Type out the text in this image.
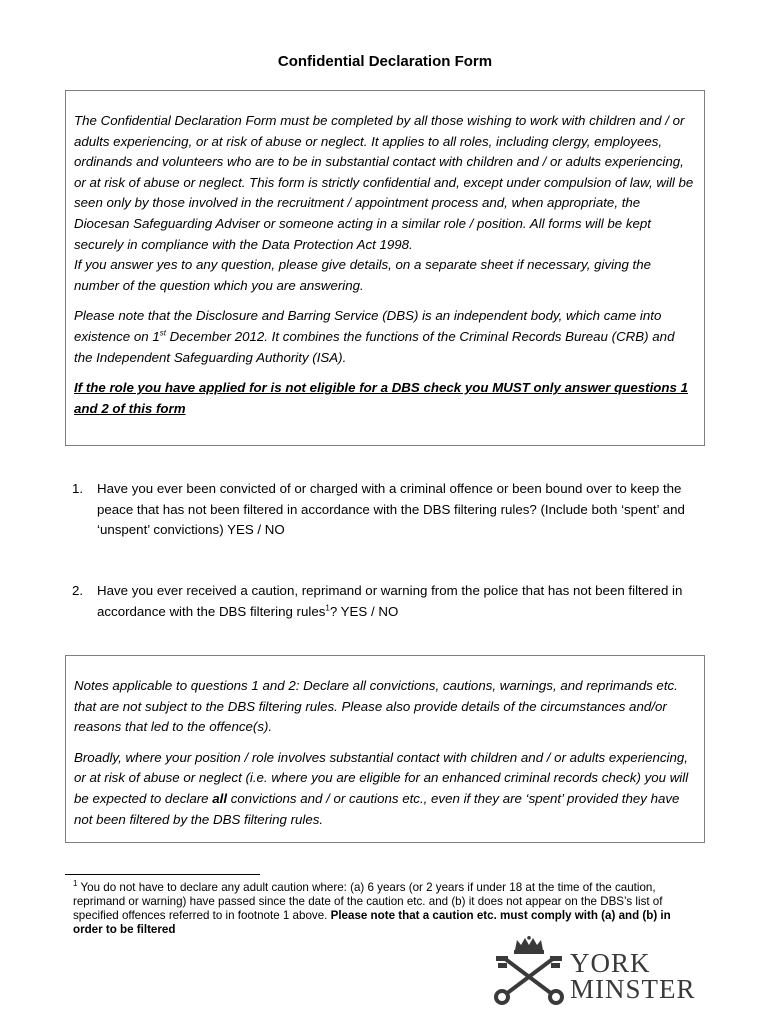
Confidential Declaration Form

The Confidential Declaration Form must be completed by all those wishing to work with children and / or adults experiencing, or at risk of abuse or neglect. It applies to all roles, including clergy, employees, ordinands and volunteers who are to be in substantial contact with children and / or adults experiencing, or at risk of abuse or neglect. This form is strictly confidential and, except under compulsion of law, will be seen only by those involved in the recruitment / appointment process and, when appropriate, the Diocesan Safeguarding Adviser or someone acting in a similar role / position. All forms will be kept securely in compliance with the Data Protection Act 1998.
If you answer yes to any question, please give details, on a separate sheet if necessary, giving the number of the question which you are answering.

Please note that the Disclosure and Barring Service (DBS) is an independent body, which came into existence on 1st December 2012. It combines the functions of the Criminal Records Bureau (CRB) and the Independent Safeguarding Authority (ISA).

If the role you have applied for is not eligible for a DBS check you MUST only answer questions 1 and 2 of this form

1. Have you ever been convicted of or charged with a criminal offence or been bound over to keep the peace that has not been filtered in accordance with the DBS filtering rules? (Include both ‘spent’ and ‘unspent’ convictions) YES / NO
2. Have you ever received a caution, reprimand or warning from the police that has not been filtered in accordance with the DBS filtering rules$^1$? YES / NO

Notes applicable to questions 1 and 2: Declare all convictions, cautions, warnings, and reprimands etc. that are not subject to the DBS filtering rules. Please also provide details of the circumstances and/or reasons that led to the offence(s).

Broadly, where your position / role involves substantial contact with children and / or adults experiencing, or at risk of abuse or neglect (i.e. where you are eligible for an enhanced criminal records check) you will be expected to declare all convictions and / or cautions etc., even if they are ‘spent’ provided they have not been filtered by the DBS filtering rules.

$^1$ You do not have to declare any adult caution where: (a) 6 years (or 2 years if under 18 at the time of the caution, reprimand or warning) have passed since the date of the caution etc. and (b) it does not appear on the DBS’s list of specified offences referred to in footnote 1 above. Please note that a caution etc. must comply with (a) and (b) in order to be filtered
YORK
MINSTER
